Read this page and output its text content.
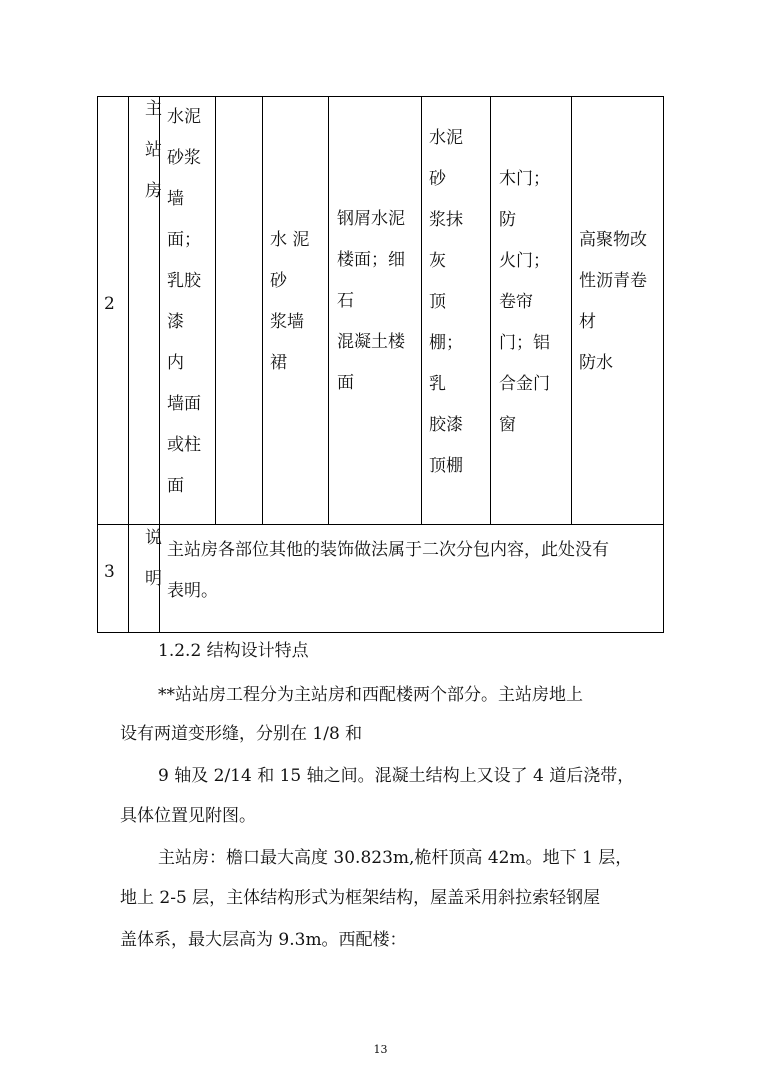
2
主
站
房
水泥
砂浆
墙
面；
乳胶
漆
内
墙面
或柱
面
水 泥
砂
浆墙
裙
钢屑水泥
楼面；细
石
混凝土楼
面
水泥
砂
浆抹
灰
顶
棚；
乳
胶漆
顶棚
木门；
防
火门；
卷帘
门；铝
合金门
窗
高聚物改
性沥青卷
材
防水
3
说
明
主站房各部位其他的装饰做法属于二次分包内容，此处没有
表明。
1.2.2 结构设计特点
**站站房工程分为主站房和西配楼两个部分。主站房地上
设有两道变形缝，分别在 1/8 和
9 轴及 2/14 和 15 轴之间。混凝土结构上又设了 4 道后浇带，
具体位置见附图。
主站房：檐口最大高度 30.823m,桅杆顶高 42m。地下 1 层，
地上 2-5 层，主体结构形式为框架结构，屋盖采用斜拉索轻钢屋
盖体系，最大层高为 9.3m。西配楼：
13
